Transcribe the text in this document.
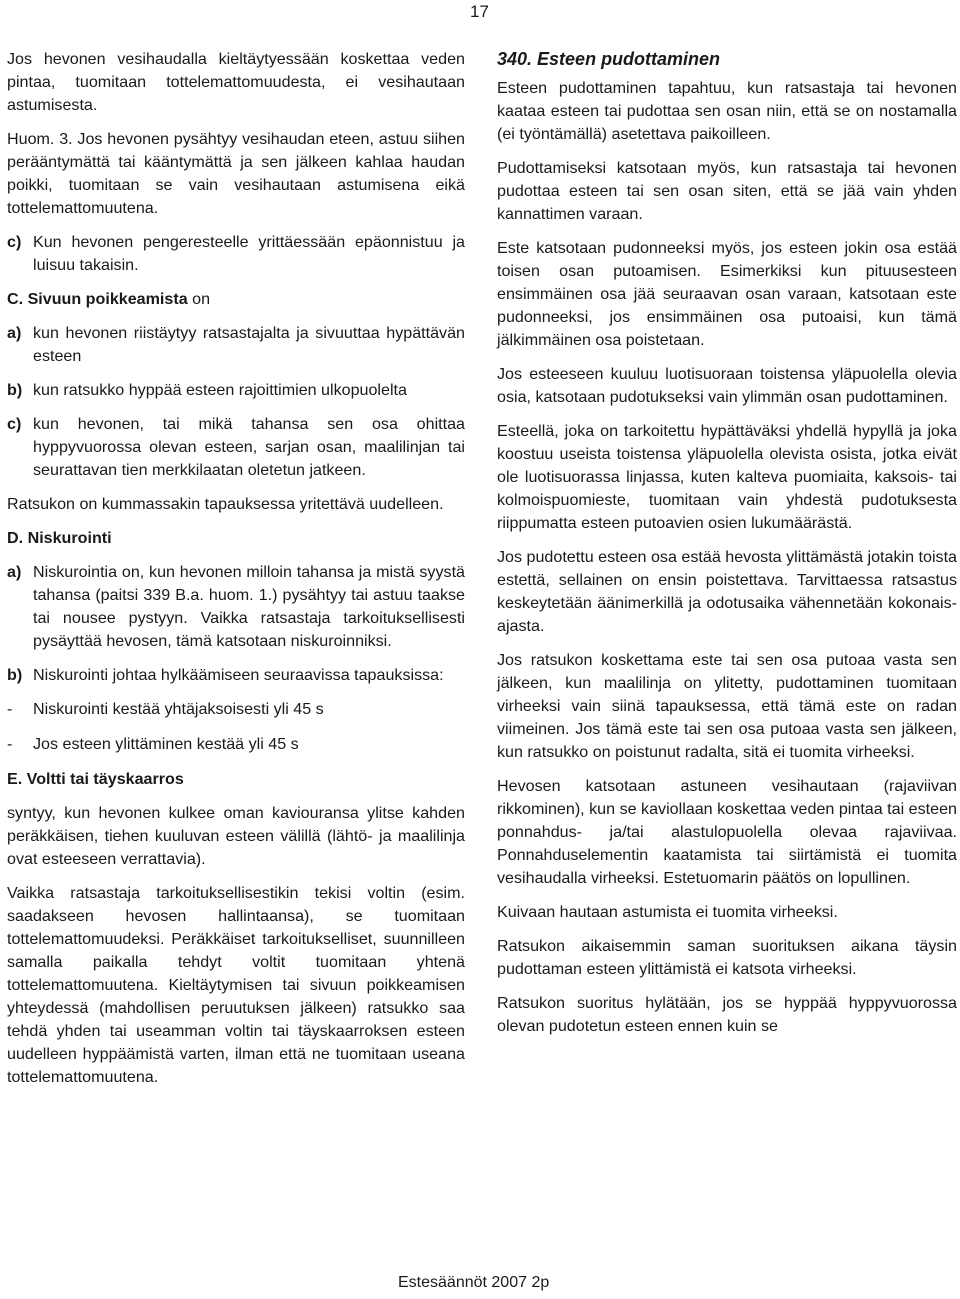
17

Jos hevonen vesihaudalla kieltäytyessään koskettaa veden pintaa, tuomitaan tottelemattomuudesta, ei vesihautaan astumisesta.

Huom. 3. Jos hevonen pysähtyy vesihaudan eteen, astuu siihen perääntymättä tai kääntymättä ja sen jälkeen kahlaa haudan poikki, tuomitaan se vain vesihautaan astumisena eikä tottelemattomuutena.

c) Kun hevonen pengeresteelle yrittäessään epäonnistuu ja luisuu takaisin.

C. Sivuun poikkeamista on

a) kun hevonen riistäytyy ratsastajalta ja sivuuttaa hypättävän esteen
b) kun ratsukko hyppää esteen rajoittimien ulkopuolelta
c) kun hevonen, tai mikä tahansa sen osa ohittaa hyppyvuorossa olevan esteen, sarjan osan, maalilinjan tai seurattavan tien merkkilaatan oletetun jatkeen.

Ratsukon on kummassakin tapauksessa yritettävä uudelleen.

D. Niskurointi
a) Niskurointia on, kun hevonen milloin tahansa ja mistä syystä tahansa (paitsi 339 B.a. huom. 1.) pysähtyy tai astuu taakse tai nousee pystyyn. Vaikka ratsastaja tarkoituksellisesti pysäyttää hevosen, tämä katsotaan niskuroinniksi.
b) Niskurointi johtaa hylkäämiseen seuraavissa tapauksissa:
-	Niskurointi kestää yhtäjaksoisesti yli 45 s
-	Jos esteen ylittäminen kestää yli 45 s
E. Voltti tai täyskaarros

syntyy, kun hevonen kulkee oman kaviouransa ylitse kahden peräkkäisen, tiehen kuuluvan esteen välillä (lähtö- ja maalilinja ovat esteeseen verrattavia).

Vaikka ratsastaja tarkoituksellisestikin tekisi voltin (esim. saadakseen hevosen hallintaansa), se tuomitaan tottelemattomuudeksi. Peräkkäiset tarkoitukselliset, suunnilleen samalla paikalla tehdyt voltit tuomitaan yhtenä tottelemattomuutena. Kieltäytymisen tai sivuun poikkeamisen yhteydessä (mahdollisen peruutuksen jälkeen) ratsukko saa tehdä yhden tai useamman voltin tai täyskaarroksen esteen uudelleen hyppäämistä varten, ilman että ne tuomitaan useana tottelemattomuutena.

340. Esteen pudottaminen

Esteen pudottaminen tapahtuu, kun ratsastaja tai hevonen kaataa esteen tai pudottaa sen osan niin, että se on nostamalla (ei työntämällä) asetettava paikoilleen.

Pudottamiseksi katsotaan myös, kun ratsastaja tai hevonen pudottaa esteen tai sen osan siten, että se jää vain yhden kannattimen varaan.

Este katsotaan pudonneeksi myös, jos esteen jokin osa estää toisen osan putoamisen. Esimerkiksi kun pituusesteen ensimmäinen osa jää seuraavan osan varaan, katsotaan este pudonneeksi, jos ensimmäinen osa putoaisi, kun tämä jälkimmäinen osa poistetaan.

Jos esteeseen kuuluu luotisuoraan toistensa yläpuolella olevia osia, katsotaan pudotukseksi vain ylimmän osan pudottaminen.

Esteellä, joka on tarkoitettu hypättäväksi yhdellä hypyllä ja joka koostuu useista toistensa yläpuolella olevista osista, jotka eivät ole luotisuorassa linjassa, kuten kalteva puomiaita, kaksois- tai kolmoispuomieste, tuomitaan vain yhdestä pudotuksesta riippumatta esteen putoavien osien lukumäärästä.

Jos pudotettu esteen osa estää hevosta ylittämästä jotakin toista estettä, sellainen on ensin poistettava. Tarvittaessa ratsastus keskeytetään äänimerkillä ja odotusaika vähennetään kokonais-ajasta.

Jos ratsukon koskettama este tai sen osa putoaa vasta sen jälkeen, kun maalilinja on ylitetty, pudottaminen tuomitaan virheeksi vain siinä tapauksessa, että tämä este on radan viimeinen. Jos tämä este tai sen osa putoaa vasta sen jälkeen, kun ratsukko on poistunut radalta, sitä ei tuomita virheeksi.

Hevosen katsotaan astuneen vesihautaan (rajaviivan rikkominen), kun se kaviollaan koskettaa veden pintaa tai esteen ponnahdus- ja/tai alastulopuolella olevaa rajaviivaa. Ponnahduselementin kaatamista tai siirtämistä ei tuomita vesihaudalla virheeksi. Estetuomarin päätös on lopullinen.

Kuivaan hautaan astumista ei tuomita virheeksi.

Ratsukon aikaisemmin saman suorituksen aikana täysin pudottaman esteen ylittämistä ei katsota virheeksi.

Ratsukon suoritus hylätään, jos se hyppää hyppyvuorossa olevan pudotetun esteen ennen kuin se

Estesäännöt 2007 2p
